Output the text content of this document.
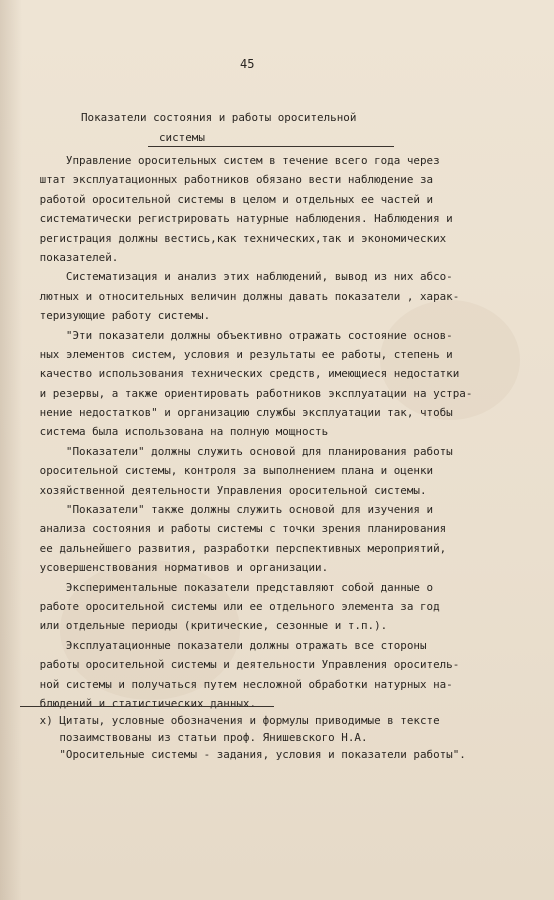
45
Показатели состояния и работы оросительной
системы
Управление оросительных систем в течение всего года через
штат эксплуатационных работников обязано вести наблюдение за
работой оросительной системы в целом и отдельных ее частей и
систематически регистрировать натурные наблюдения. Наблюдения и
регистрация должны вестись,как технических,так и экономических
показателей.
Систематизация и анализ этих наблюдений, вывод из них абсо-
лютных и относительных величин должны давать показатели , харак-
теризующие работу системы.
"Эти показатели должны объективно отражать состояние основ-
ных элементов систем, условия и результаты ее работы, степень и
качество использования технических средств, имеющиеся недостатки
и резервы, а также ориентировать работников эксплуатации на устра-
нение недостатков" и организацию службы эксплуатации так, чтобы
система была использована на полную мощность
"Показатели" должны служить основой для планирования работы
оросительной системы, контроля за выполнением плана и оценки
хозяйственной деятельности Управления оросительной системы.
"Показатели" также должны служить основой для изучения и
анализа состояния и работы системы с точки зрения планирования
ее дальнейшего развития, разработки перспективных мероприятий,
усовершенствования нормативов и организации.
Экспериментальные показатели представляют собой данные о
работе оросительной системы или ее отдельного элемента за год
или отдельные периоды (критические, сезонные и т.п.).
Эксплуатационные показатели должны отражать все стороны
работы оросительной системы и деятельности Управления ороситель-
ной системы и получаться путем несложной обработки натурных на-
блюдений и статистических данных.
х) Цитаты, условные обозначения и формулы приводимые в тексте
позаимствованы из статьи проф. Янишевского Н.А.
"Оросительные системы - задания, условия и показатели работы".
